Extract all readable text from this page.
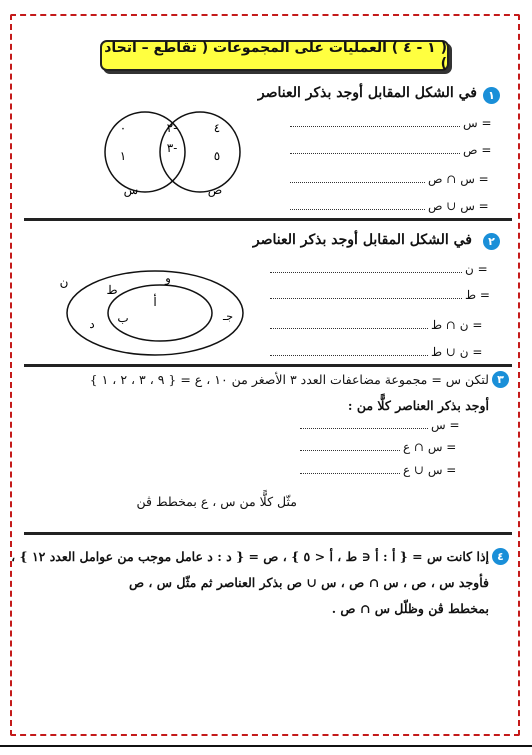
( ١ - ٤ ) العمليات على المجموعات ( تقاطع – اتحاد )
١
في الشكل المقابل أوجد بذكر العناصر
٠
١
٢-
٣-
٤
٥
س	ص
= س
= ص
= س ∩ ص
= س ∪ ص
٢
في الشكل المقابل أوجد بذكر العناصر
ﻥ
ﻁ
و
جـ
د ب
أ
= ﻥ
= ﻁ
= ﻥ ∩ ﻁ
= ﻥ ∪ ﻁ
٣
لتكن س = مجموعة مضاعفات العدد ٣ الأصغر من ١٠ ، ع = { ٩ ، ٣ ، ٢ ، ١ }
أوجد بذكر العناصر كلًّا من :
= س
= س ∩ ع
= س ∪ ع
مثّل كلًّا من س ، ع بمخطط ڤن
٤
إذا كانت س = { أ : أ ∈ ط ، أ < ٥ } ، ص = { د : د عامل موجب من عوامل العدد ١٢ } ،
فأوجد س ، ص ، س ∩ ص ، س ∪ ص بذكر العناصر ثم مثّل س ، ص
بمخطط ڤن وظلّل س ∩ ص .
